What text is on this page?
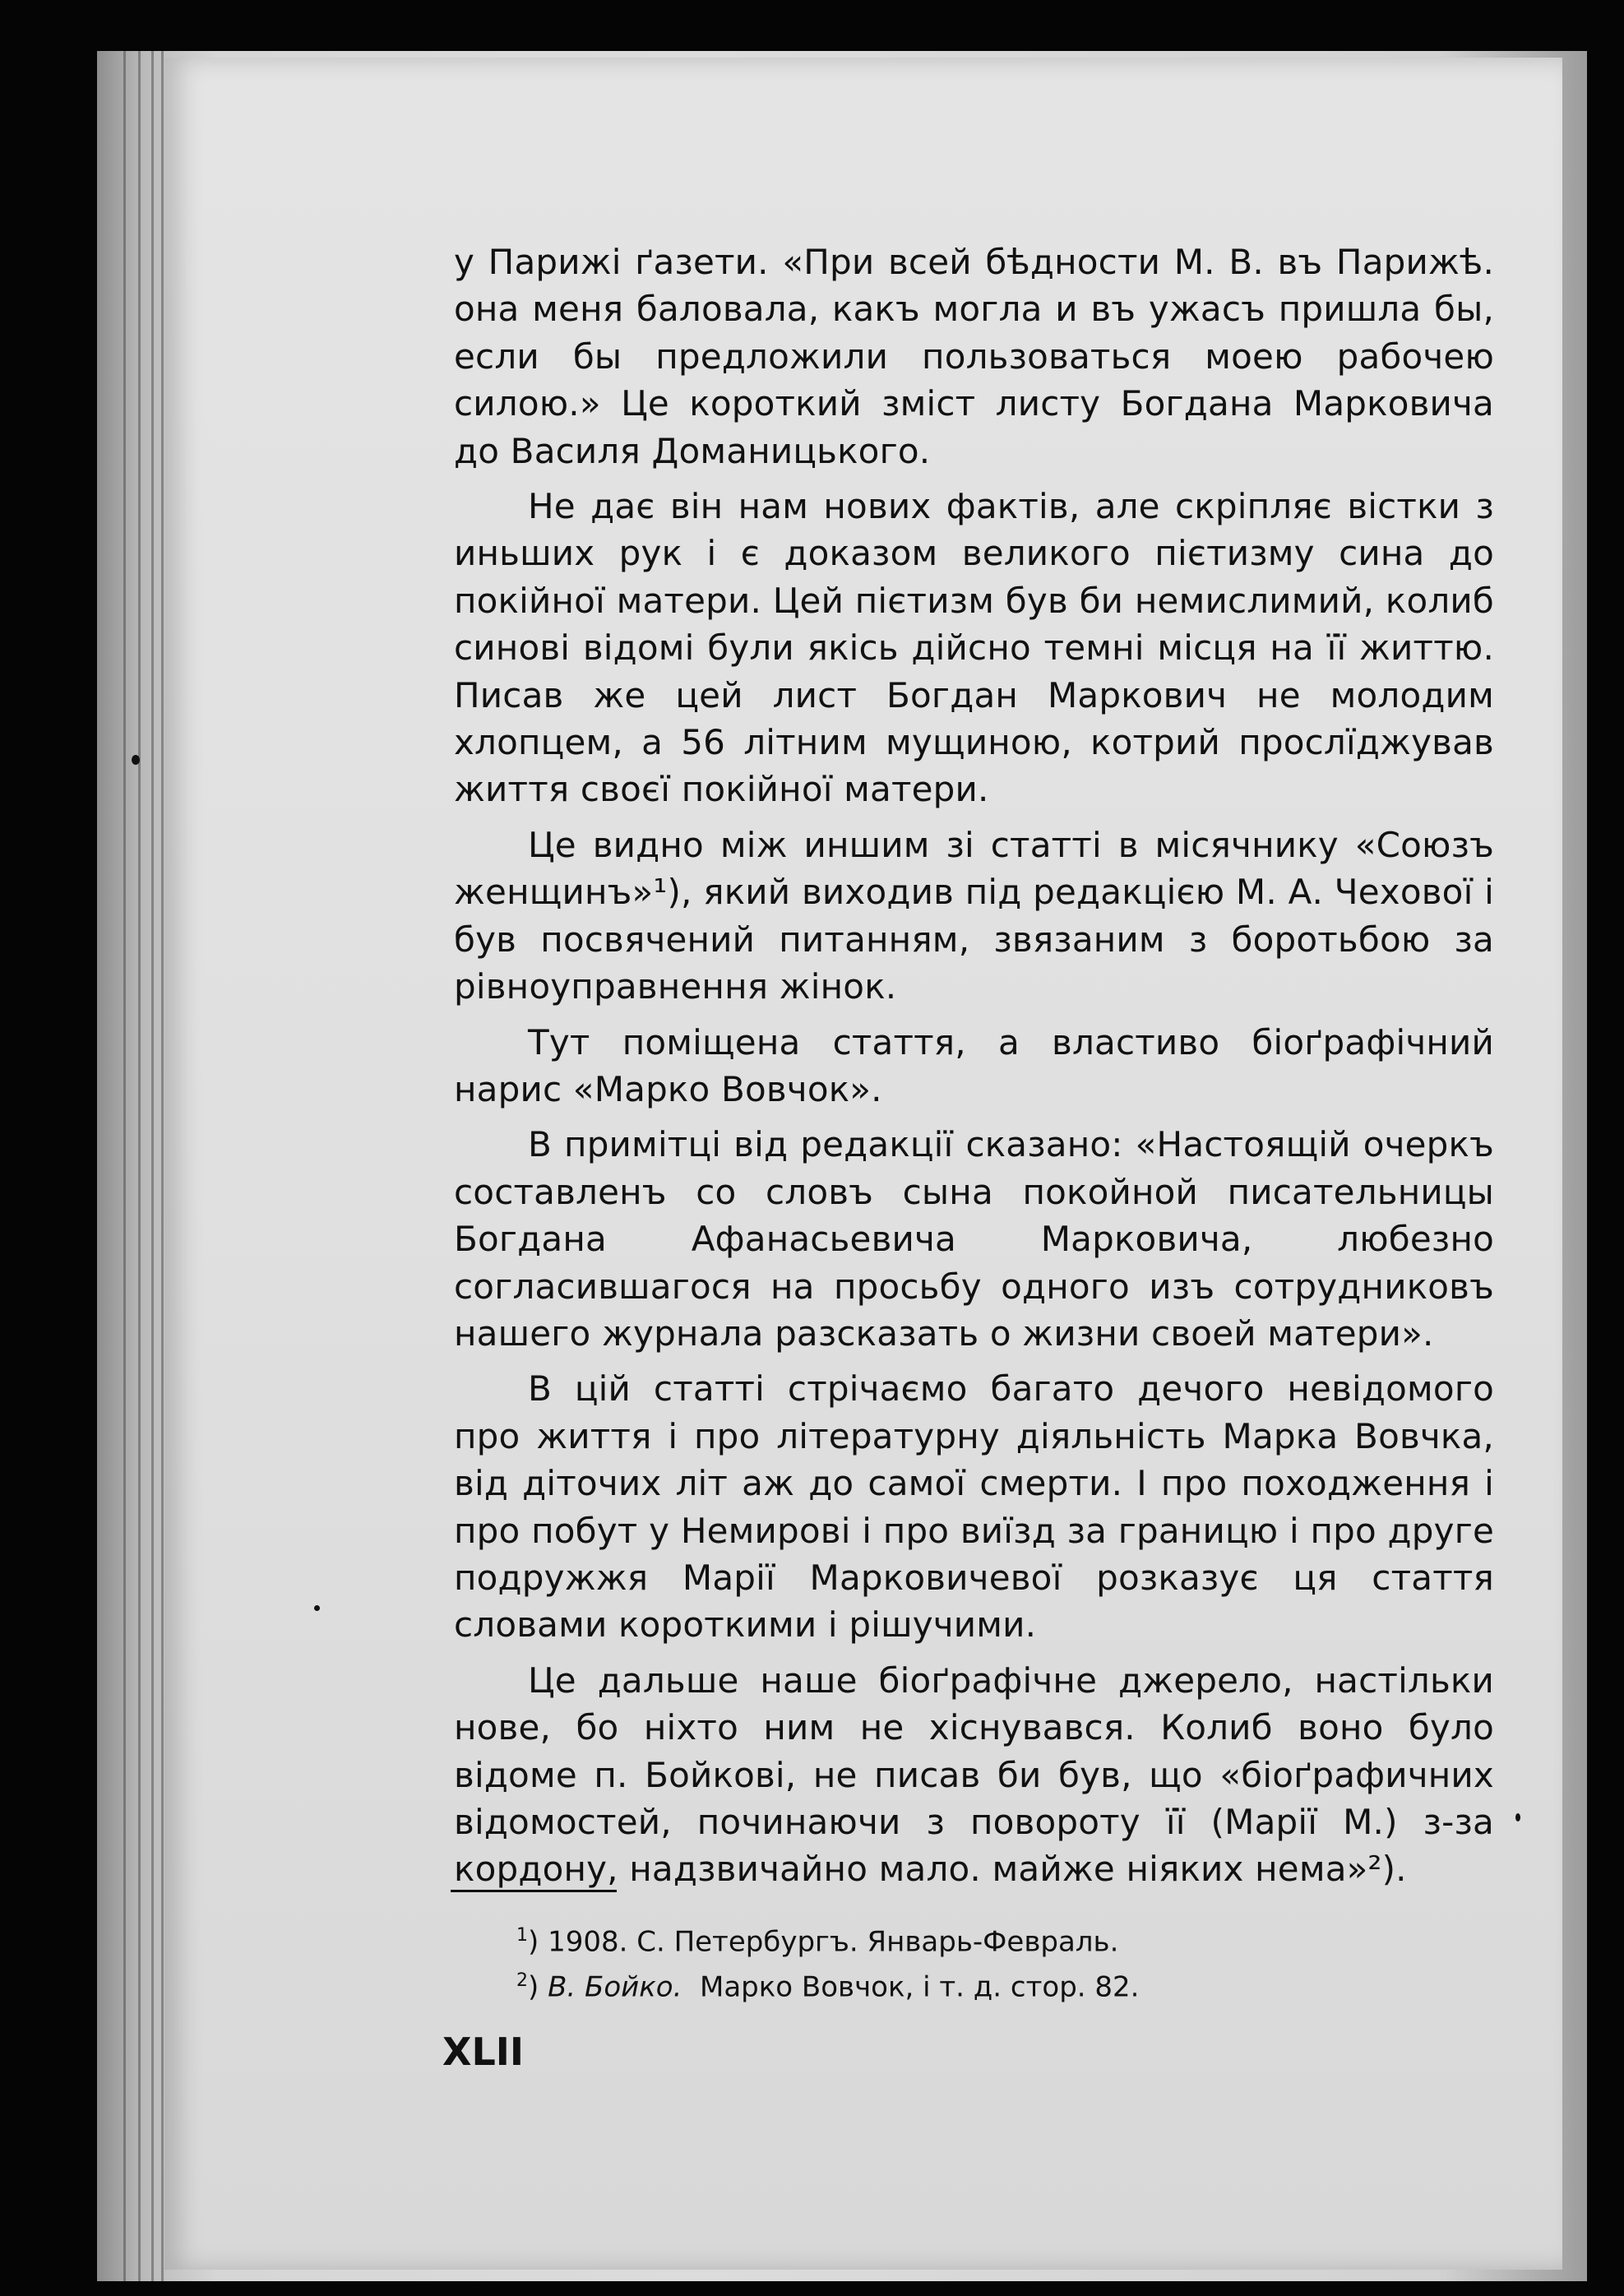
у Парижі ґазети. «При всей бѣдности М. В. въ Парижѣ. она меня баловала, какъ могла и въ ужасъ пришла бы, если бы предложили пользоваться моею рабочею силою.» Це короткий зміст листу Богдана Марковича до Василя Доманицького.

Не дає він нам нових фактів, але скріпляє вістки з иньших рук і є доказом великого пієтизму сина до покійної матери. Цей пієтизм був би немислимий, колиб синові відомі були якісь дійсно темні місця на її життю. Писав же цей лист Богдан Маркович не молодим хлопцем, а 56 літним мущиною, котрий прослїджував життя своєї покійної матери.

Це видно між иншим зі статті в місячнику «Союзъ женщинъ»¹), який виходив під редакцією М. А. Чехової і був посвячений питанням, звязаним з боротьбою за рівноуправнення жінок.

Тут поміщена стаття, а властиво біоґрафічний нарис «Марко Вовчок».

В примітці від редакції сказано: «Настоящій очеркъ составленъ со словъ сына покойной писательницы Богдана Афанасьевича Марковича, любезно согласившагося на просьбу одного изъ сотрудниковъ нашего журнала разсказать о жизни своей матери».

В цій статті стрічаємо багато дечого невідомого про життя і про літературну діяльність Марка Вовчка, від діточих літ аж до самої смерти. І про походження і про побут у Немирові і про виїзд за границю і про друге подружжя Марії Марковичевої розказує ця стаття словами короткими і рішучими.

Це дальше наше біоґрафічне джерело, настільки нове, бо ніхто ним не хіснувався. Колиб воно було відоме п. Бойкові, не писав би був, що «біоґрафичних відомостей, починаючи з повороту її (Марії М.) з-за кордону, надзвичайно мало. майже ніяких нема»²).

$^1$) 1908. С. Петербургъ. Январь-Февраль.
$^2$) В. Бойко. Марко Вовчок, і т. д. стор. 82.
XLII
